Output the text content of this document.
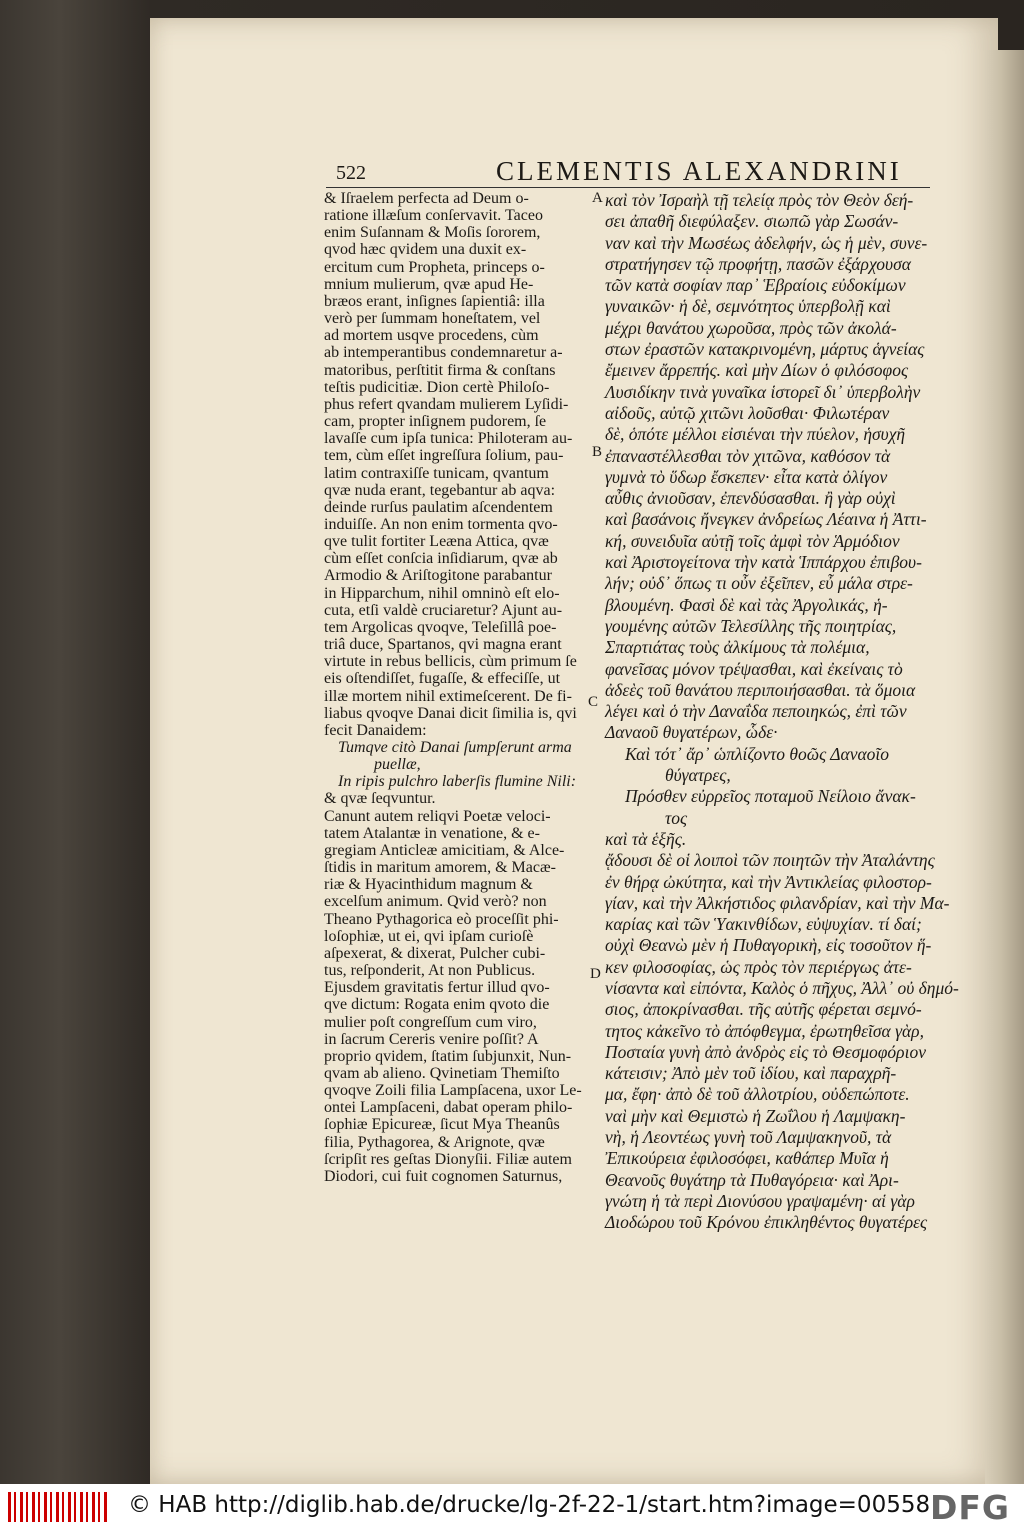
522	CLEMENTIS ALEXANDRINI
& Iſraelem perfecta ad Deum o-
ratione illæſum conſervavit. Taceo
enim Suſannam & Moſis ſororem,
qvod hæc qvidem una duxit ex-
ercitum cum Propheta, princeps o-
mnium mulierum, qvæ apud He-
bræos erant, inſignes ſapientiâ: illa
verò per ſummam honeſtatem, vel
ad mortem usqve procedens, cùm
ab intemperantibus condemnaretur a-
matoribus, perſtitit firma & conſtans
teſtis pudicitiæ. Dion certè Philoſo-
phus refert qvandam mulierem Lyſidi-
cam, propter inſignem pudorem, ſe
lavaſſe cum ipſa tunica: Philoteram au-
tem, cùm eſſet ingreſſura ſolium, pau-
latim contraxiſſe tunicam, qvantum
qvæ nuda erant, tegebantur ab aqva:
deinde rurſus paulatim aſcendentem
induiſſe. An non enim tormenta qvo-
qve tulit fortiter Leæna Attica, qvæ
cùm eſſet conſcia inſidiarum, qvæ ab
Armodio & Ariſtogitone parabantur
in Hipparchum, nihil omninò eſt elo-
cuta, etſi valdè cruciaretur? Ajunt au-
tem Argolicas qvoqve, Teleſillâ poe-
triâ duce, Spartanos, qvi magna erant
virtute in rebus bellicis, cùm primum ſe
eis oſtendiſſet, fugaſſe, & effeciſſe, ut
illæ mortem nihil extimeſcerent. De fi-
liabus qvoqve Danai dicit ſimilia is, qvi
fecit Danaidem:
Tumqve citò Danai ſumpſerunt arma
puellæ,
In ripis pulchro laberſis flumine Nili:
& qvæ ſeqvuntur.
Canunt autem reliqvi Poetæ veloci-
tatem Atalantæ in venatione, & e-
gregiam Anticleæ amicitiam, & Alce-
ſtidis in maritum amorem, & Macæ-
riæ & Hyacinthidum magnum &
excelſum animum. Qvid verò? non
Theano Pythagorica eò proceſſit phi-
loſophiæ, ut ei, qvi ipſam curioſè
aſpexerat, & dixerat, Pulcher cubi-
tus, reſponderit, At non Publicus.
Ejusdem gravitatis fertur illud qvo-
qve dictum: Rogata enim qvoto die
mulier poſt congreſſum cum viro,
in ſacrum Cereris venire poſſit? A
proprio qvidem, ſtatim ſubjunxit, Nun-
qvam ab alieno. Qvinetiam Themiſto
qvoqve Zoili filia Lampſacena, uxor Le-
ontei Lampſaceni, dabat operam philo-
ſophiæ Epicureæ, ſicut Mya Theanûs
filia, Pythagorea, & Arignote, qvæ
ſcripſit res geſtas Dionyſii. Filiæ autem
Diodori, cui fuit cognomen Saturnus,
καὶ τὸν Ἰσραὴλ τῇ τελείᾳ πρὸς τὸν Θεὸν δεή-
σει ἀπαθῆ διεφύλαξεν. σιωπῶ γὰρ Σωσάν-
ναν καὶ τὴν Μωσέως ἀδελφήν, ὡς ἡ μὲν, συνε-
στρατήγησεν τῷ προφήτῃ, πασῶν ἐξάρχουσα
τῶν κατὰ σοφίαν παρ᾽ Ἑβραίοις εὐδοκίμων
γυναικῶν· ἡ δὲ, σεμνότητος ὑπερβολῇ καὶ
μέχρι θανάτου χωροῦσα, πρὸς τῶν ἀκολά-
στων ἐραστῶν κατακρινομένη, μάρτυς ἁγνείας
ἔμεινεν ἄρρεπής. καὶ μὴν Δίων ὁ φιλόσοφος
Λυσιδίκην τινὰ γυναῖκα ἱστορεῖ δι᾽ ὑπερβολὴν
αἰδοῦς, αὐτῷ χιτῶνι λοῦσθαι· Φιλωτέραν
δὲ, ὁπότε μέλλοι εἰσιέναι τὴν πύελον, ἡσυχῆ
ἐπαναστέλλεσθαι τὸν χιτῶνα, καθόσον τὰ
γυμνὰ τὸ ὕδωρ ἔσκεπεν· εἶτα κατὰ ὀλίγον
αὖθις ἀνιοῦσαν, ἐπενδύσασθαι. ἢ γὰρ οὐχὶ
καὶ βασάνοις ἤνεγκεν ἀνδρείως Λέαινα ἡ Ἀττι-
κή, συνειδυῖα αὐτῇ τοῖς ἀμφὶ τὸν Ἁρμόδιον
καὶ Ἀριστογείτονα τὴν κατὰ Ἱππάρχου ἐπιβου-
λήν; οὐδ᾽ ὅπως τι οὖν ἐξεῖπεν, εὖ μάλα στρε-
βλουμένη. Φασὶ δὲ καὶ τὰς Ἀργολικάς, ἡ-
γουμένης αὐτῶν Τελεσίλλης τῆς ποιητρίας,
Σπαρτιάτας τοὺς ἀλκίμους τὰ πολέμια,
φανεῖσας μόνον τρέψασθαι, καὶ ἐκείναις τὸ
ἀδεὲς τοῦ θανάτου περιποιήσασθαι. τὰ ὅμοια
λέγει καὶ ὁ τὴν Δαναΐδα πεποιηκώς, ἐπὶ τῶν
Δαναοῦ θυγατέρων, ὧδε·
Καὶ τότ᾽ ἄρ᾽ ὡπλίζοντο θοῶς Δαναοῖο
θύγατρες,
Πρόσθεν εὐρρεῖος ποταμοῦ Νείλοιο ἄνακ-
τος
καὶ τὰ ἑξῆς.
ᾄδουσι δὲ οἱ λοιποὶ τῶν ποιητῶν τὴν Ἀταλάντης
ἐν θήρᾳ ὠκύτητα, καὶ τὴν Ἀντικλείας φιλοστορ-
γίαν, καὶ τὴν Ἀλκήστιδος φιλανδρίαν, καὶ τὴν Μα-
καρίας καὶ τῶν Ὑακινθίδων, εὐψυχίαν. τί δαί;
οὐχὶ Θεανὼ μὲν ἡ Πυθαγορικὴ, εἰς τοσοῦτον ἥ-
κεν φιλοσοφίας, ὡς πρὸς τὸν περιέργως ἀτε-
νίσαντα καὶ εἰπόντα, Καλὸς ὁ πῆχυς, Ἀλλ᾽ οὐ δημό-
σιος, ἀποκρίνασθαι. τῆς αὐτῆς φέρεται σεμνό-
τητος κἀκεῖνο τὸ ἀπόφθεγμα, ἐρωτηθεῖσα γὰρ,
Ποσταία γυνὴ ἀπὸ ἀνδρὸς εἰς τὸ Θεσμοφόριον
κάτεισιν; Ἀπὸ μὲν τοῦ ἰδίου, καὶ παραχρῆ-
μα, ἔφη· ἀπὸ δὲ τοῦ ἀλλοτρίου, οὐδεπώποτε.
ναὶ μὴν καὶ Θεμιστὼ ἡ Ζωΐλου ἡ Λαμψακη-
νὴ, ἡ Λεοντέως γυνὴ τοῦ Λαμψακηνοῦ, τὰ
Ἐπικούρεια ἐφιλοσόφει, καθάπερ Μυῖα ἡ
Θεανοῦς θυγάτηρ τὰ Πυθαγόρεια· καὶ Ἀρι-
γνώτη ἡ τὰ περὶ Διονύσου γραψαμένη· αἱ γὰρ
Διοδώρου τοῦ Κρόνου ἐπικληθέντος θυγατέρες
A
B
C
D
© HAB http://diglib.hab.de/drucke/lg-2f-22-1/start.htm?image=00558 DFG
